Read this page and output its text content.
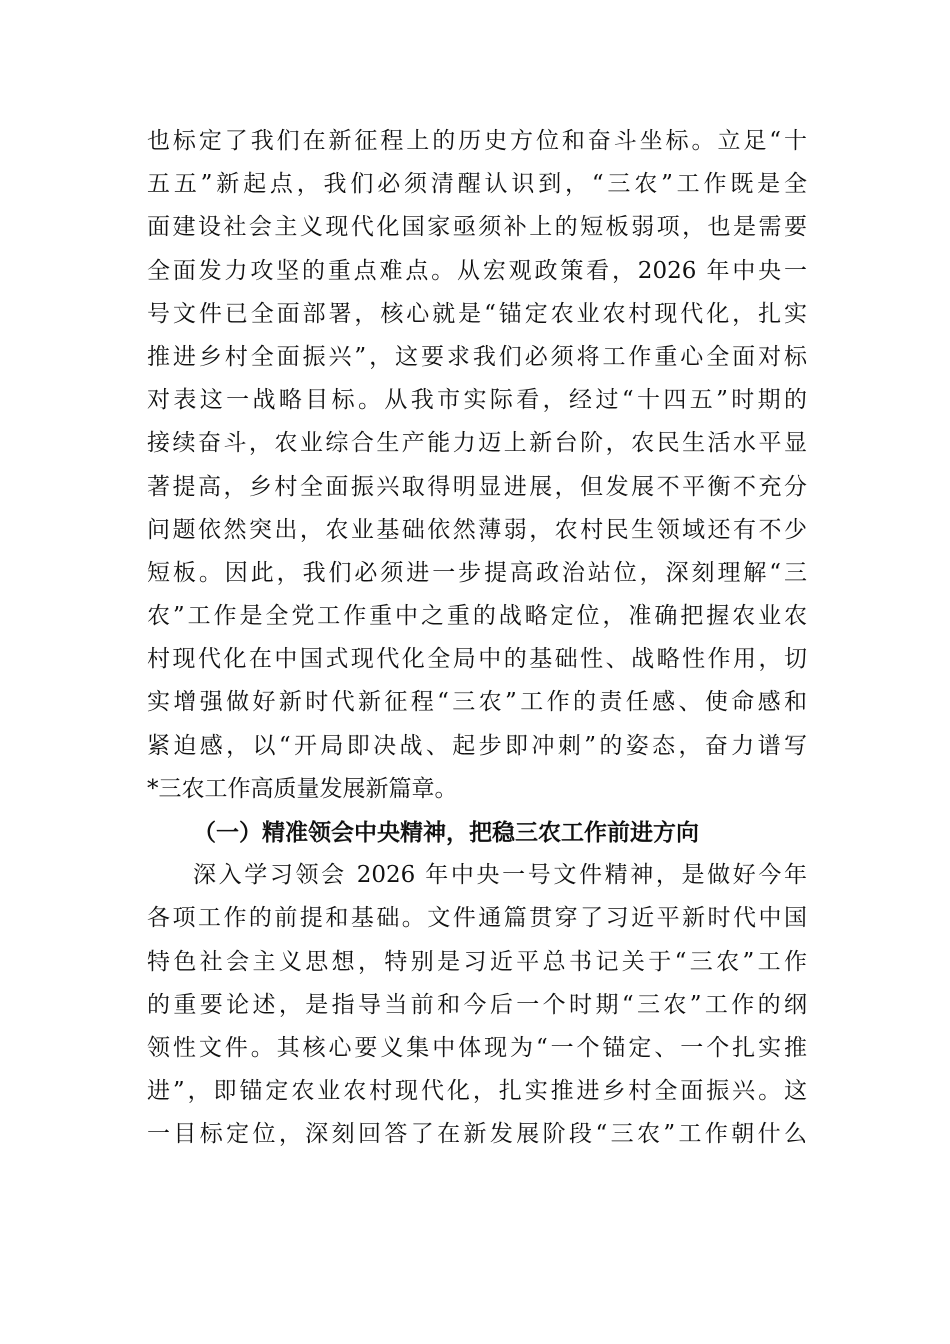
也标定了我们在新征程上的历史方位和奋斗坐标。立足“十
五五”新起点，我们必须清醒认识到，“三农”工作既是全
面建设社会主义现代化国家亟须补上的短板弱项，也是需要
全面发力攻坚的重点难点。从宏观政策看，2026 年中央一
号文件已全面部署，核心就是“锚定农业农村现代化，扎实
推进乡村全面振兴”，这要求我们必须将工作重心全面对标
对表这一战略目标。从我市实际看，经过“十四五”时期的
接续奋斗，农业综合生产能力迈上新台阶，农民生活水平显
著提高，乡村全面振兴取得明显进展，但发展不平衡不充分
问题依然突出，农业基础依然薄弱，农村民生领域还有不少
短板。因此，我们必须进一步提高政治站位，深刻理解“三
农”工作是全党工作重中之重的战略定位，准确把握农业农
村现代化在中国式现代化全局中的基础性、战略性作用，切
实增强做好新时代新征程“三农”工作的责任感、使命感和
紧迫感，以“开局即决战、起步即冲刺”的姿态，奋力谱写
*三农工作高质量发展新篇章。
（一）精准领会中央精神，把稳三农工作前进方向
深入学习领会 2026 年中央一号文件精神，是做好今年
各项工作的前提和基础。文件通篇贯穿了习近平新时代中国
特色社会主义思想，特别是习近平总书记关于“三农”工作
的重要论述，是指导当前和今后一个时期“三农”工作的纲
领性文件。其核心要义集中体现为“一个锚定、一个扎实推
进”，即锚定农业农村现代化，扎实推进乡村全面振兴。这
一目标定位，深刻回答了在新发展阶段“三农”工作朝什么
